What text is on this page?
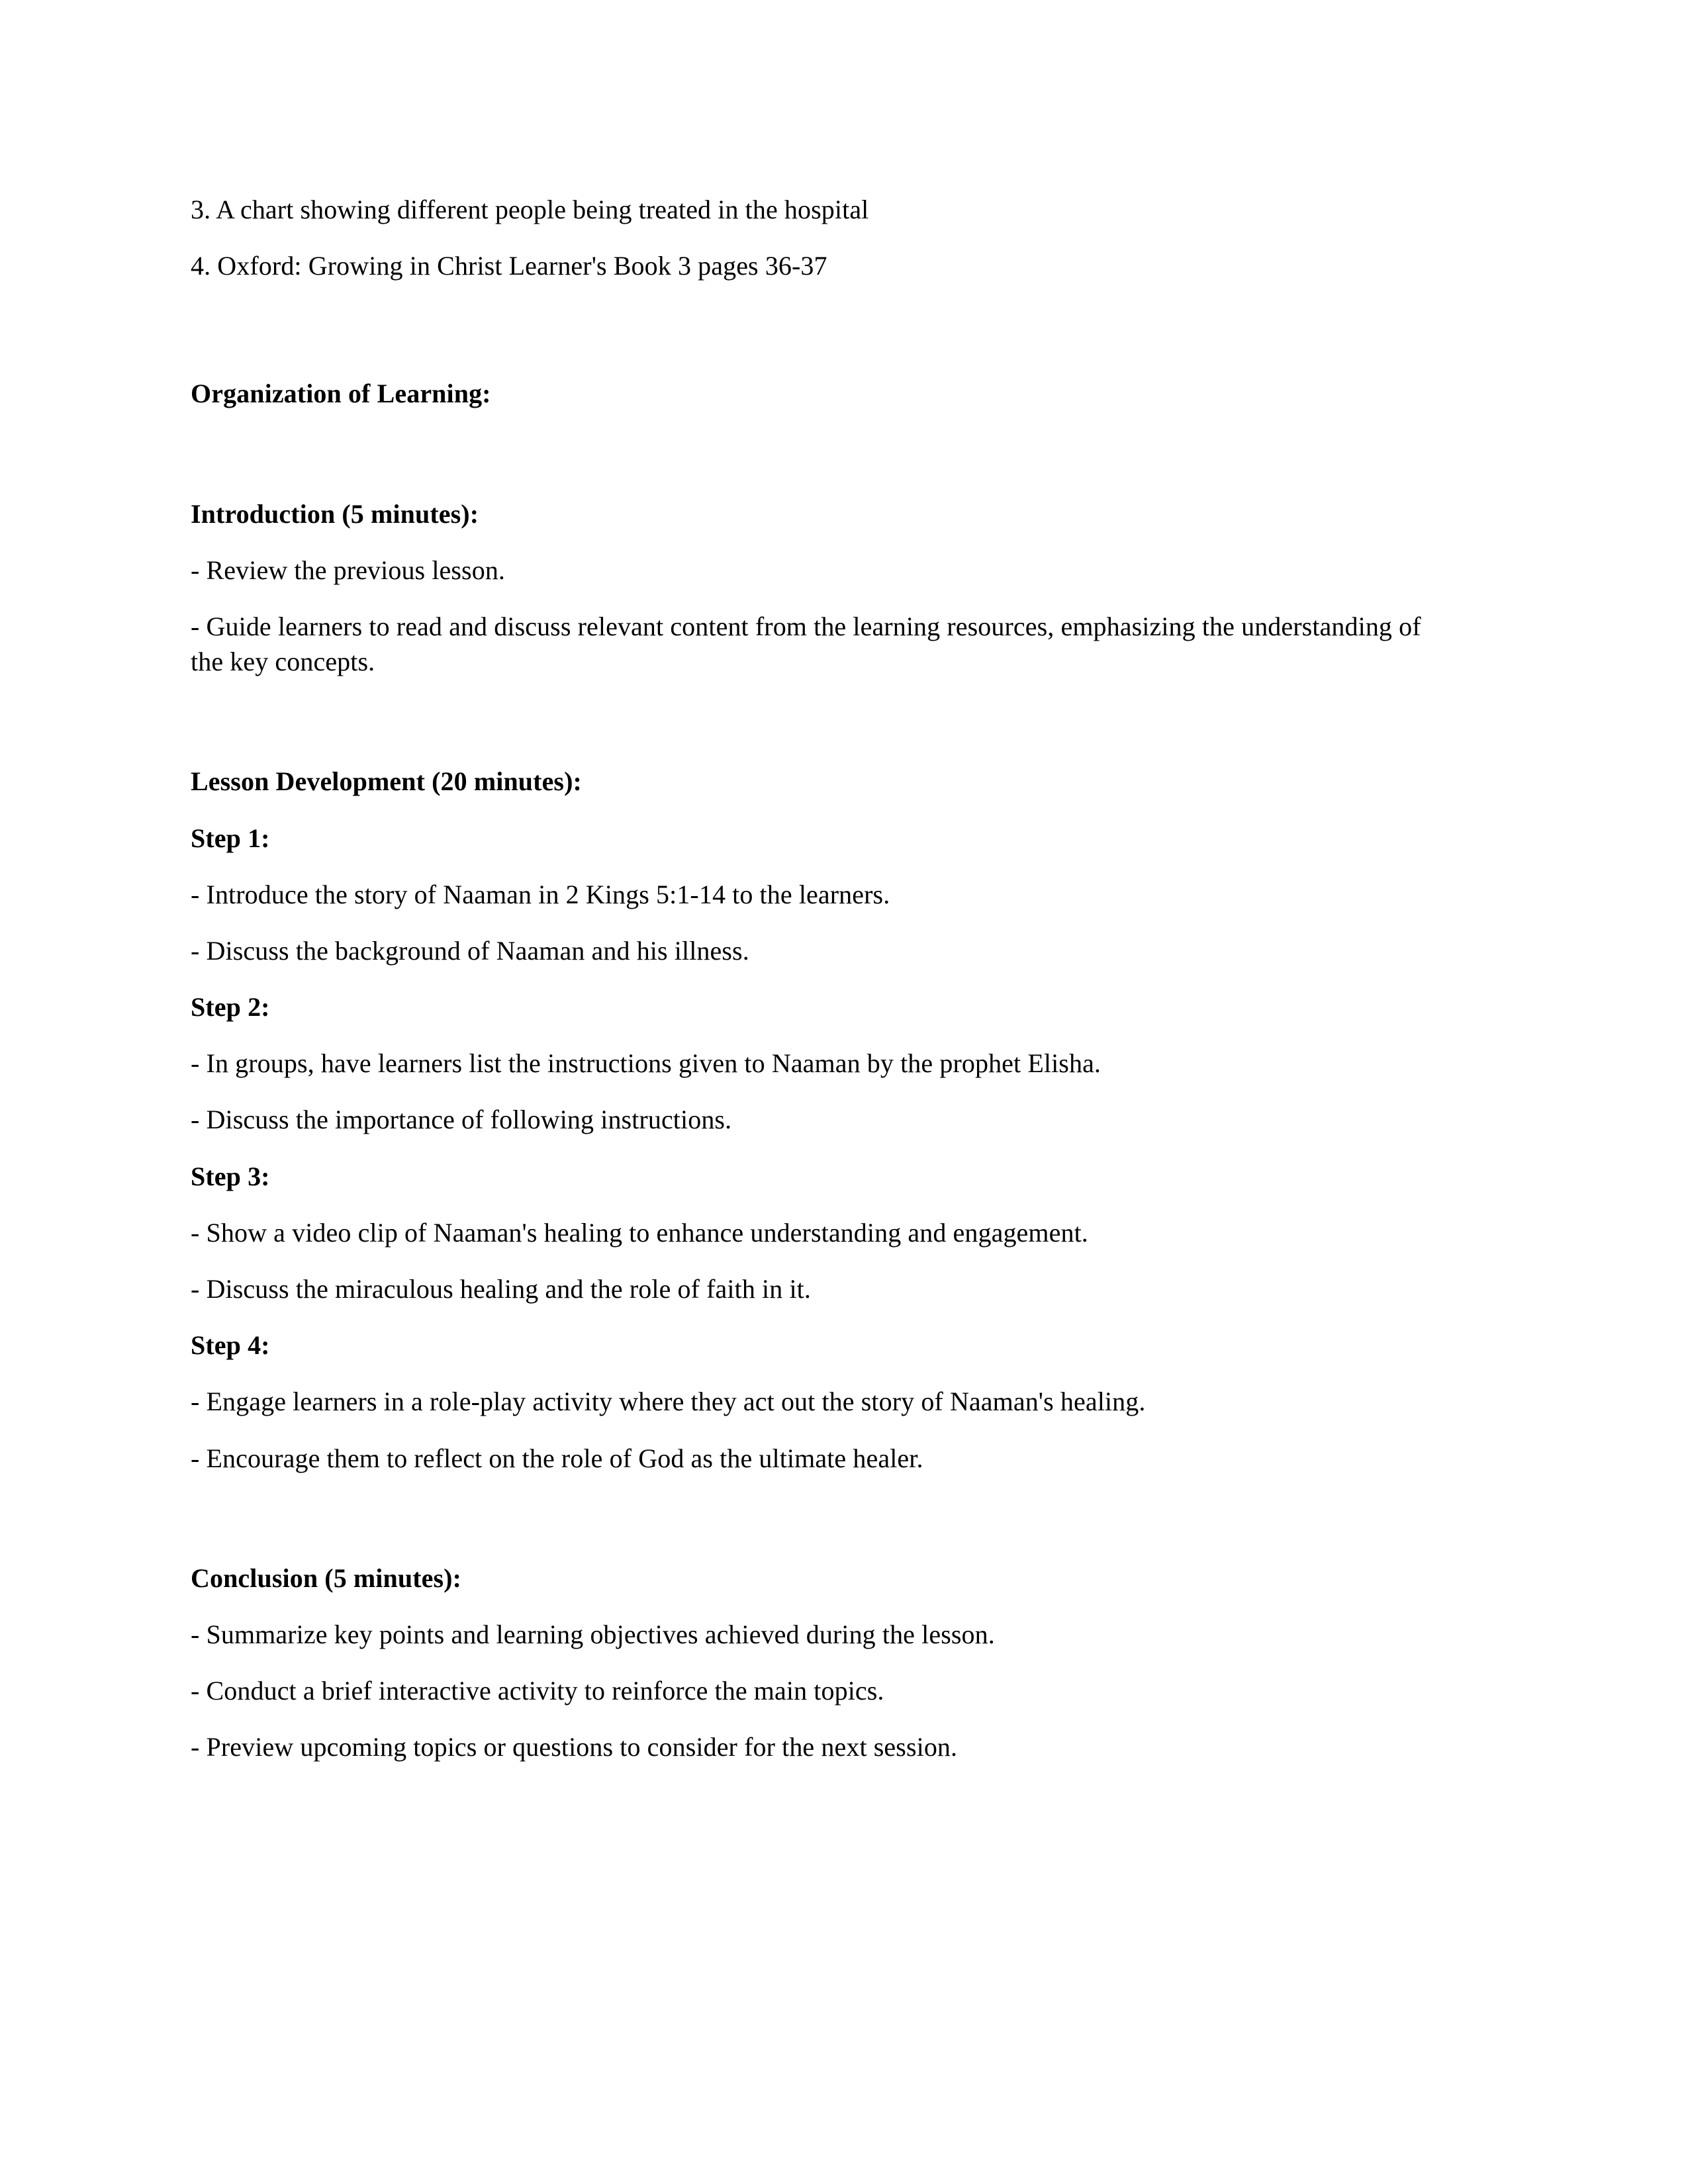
3. A chart showing different people being treated in the hospital

4. Oxford: Growing in Christ Learner's Book 3 pages 36-37

Organization of Learning:

Introduction (5 minutes):

- Review the previous lesson.

- Guide learners to read and discuss relevant content from the learning resources, emphasizing the understanding of the key concepts.

Lesson Development (20 minutes):

Step 1:

- Introduce the story of Naaman in 2 Kings 5:1-14 to the learners.

- Discuss the background of Naaman and his illness.

Step 2:

- In groups, have learners list the instructions given to Naaman by the prophet Elisha.

- Discuss the importance of following instructions.

Step 3:

- Show a video clip of Naaman's healing to enhance understanding and engagement.

- Discuss the miraculous healing and the role of faith in it.

Step 4:

- Engage learners in a role-play activity where they act out the story of Naaman's healing.

- Encourage them to reflect on the role of God as the ultimate healer.

Conclusion (5 minutes):

- Summarize key points and learning objectives achieved during the lesson.

- Conduct a brief interactive activity to reinforce the main topics.

- Preview upcoming topics or questions to consider for the next session.
